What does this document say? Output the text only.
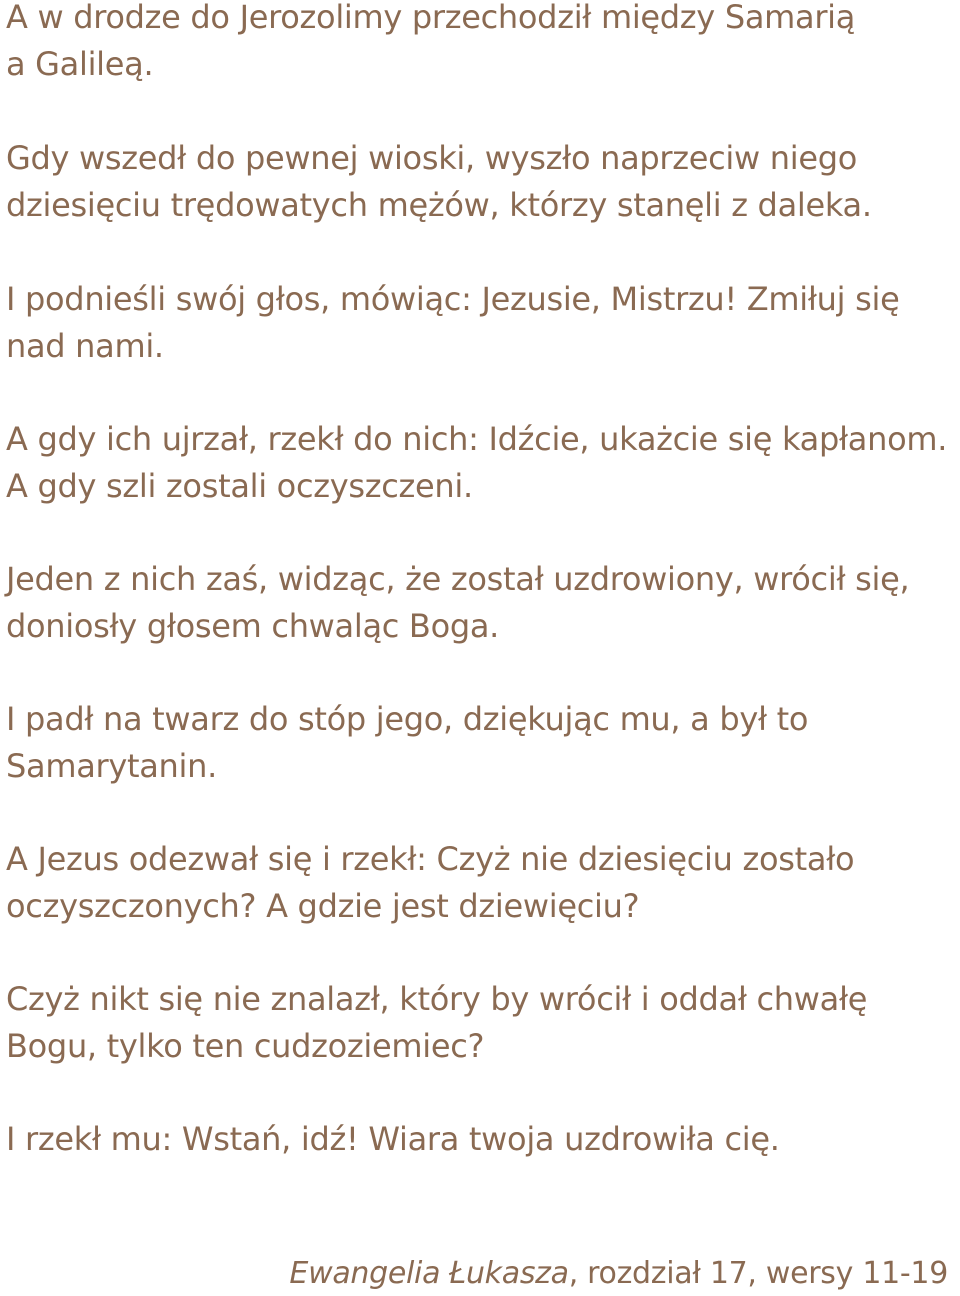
A w drodze do Jerozolimy przechodził między Samarią
a Galileą.

Gdy wszedł do pewnej wioski, wyszło naprzeciw niego
dziesięciu trędowatych mężów, którzy stanęli z daleka.

I podnieśli swój głos, mówiąc: Jezusie, Mistrzu! Zmiłuj się
nad nami.

A gdy ich ujrzał, rzekł do nich: Idźcie, ukażcie się kapłanom.
A gdy szli zostali oczyszczeni.

Jeden z nich zaś, widząc, że został uzdrowiony, wrócił się,
doniosły głosem chwaląc Boga.

I padł na twarz do stóp jego, dziękując mu, a był to
Samarytanin.

A Jezus odezwał się i rzekł: Czyż nie dziesięciu zostało
oczyszczonych? A gdzie jest dziewięciu?

Czyż nikt się nie znalazł, który by wrócił i oddał chwałę
Bogu, tylko ten cudzoziemiec?

I rzekł mu: Wstań, idź! Wiara twoja uzdrowiła cię.

Ewangelia Łukasza, rozdział 17, wersy 11-19
